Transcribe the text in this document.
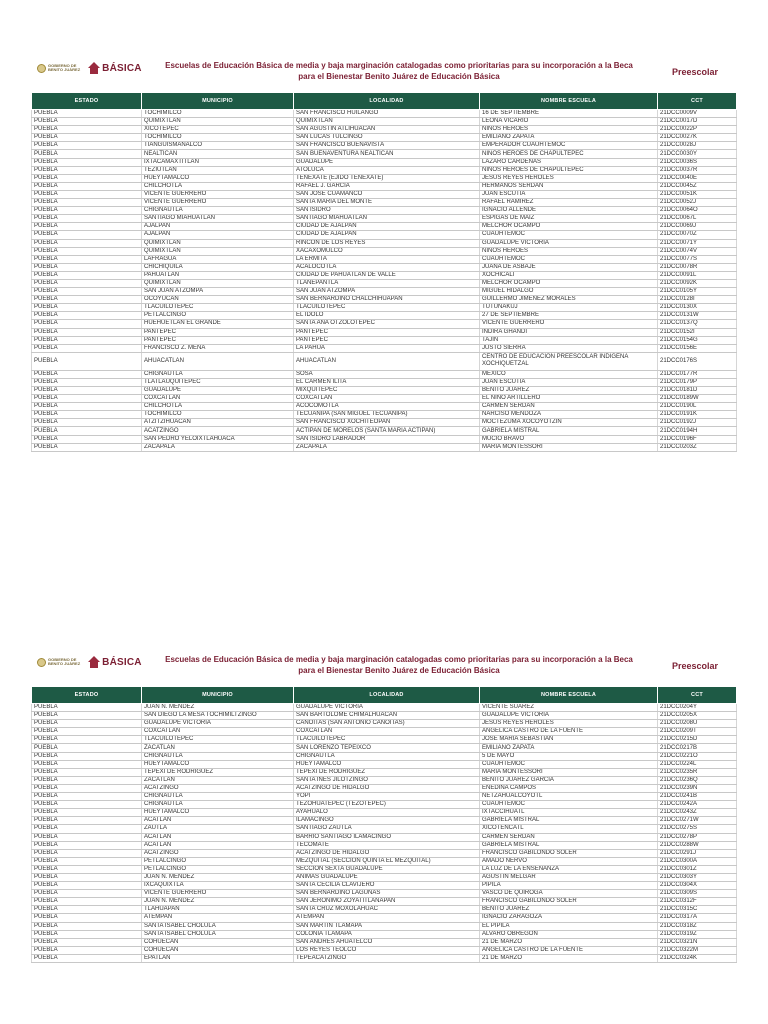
GOBIERNO DE
BENITO JUÁREZ BÁSICA	Escuelas de Educación Básica de media y baja marginación catalogadas como prioritarias para su incorporación a la Beca
para el Bienestar Benito Juárez de Educación Básica	Preescolar
ESTADO	MUNICIPIO	LOCALIDAD	NOMBRE ESCUELA	CCT
PUEBLA	TOCHIMILCO	SAN FRANCISCO HUILANGO	16 DE SEPTIEMBRE	21DCC0009V
PUEBLA	QUIMIXTLAN	QUIMIXTLAN	LEONA VICARIO	21DCC0017D
PUEBLA	XICOTEPEC	SAN AGUSTIN ATLIHUACAN	NINOS HEROES	21DCC0022P
PUEBLA	TOCHIMILCO	SAN LUCAS TULCINGO	EMILIANO ZAPATA	21DCC0027K
PUEBLA	TIANGUISMANALCO	SAN FRANCISCO BUENAVISTA	EMPERADOR CUAUHTEMOC	21DCC0028J
PUEBLA	NEALTICAN	SAN BUENAVENTURA NEALTICAN	NINOS HEROES DE CHAPULTEPEC	21DCC0030Y
PUEBLA	IXTACAMAXTITLAN	GUADALUPE	LAZARO CARDENAS	21DCC0036S
PUEBLA	TEZIUTLAN	ATOLUCA	NINOS HEROES DE CHAPULTEPEC	21DCC0037R
PUEBLA	HUEYTAMALCO	TENEXATE (EJIDO TENEXATE)	JESUS REYES HEROLES	21DCC0040E
PUEBLA	CHILCHOTLA	RAFAEL J. GARCIA	HERMANOS SERDAN	21DCC0045Z
PUEBLA	VICENTE GUERRERO	SAN JOSE CUAMANCO	JUAN ESCUTIA	21DCC0051K
PUEBLA	VICENTE GUERRERO	SANTA MARIA DEL MONTE	RAFAEL RAMIREZ	21DCC0052J
PUEBLA	CHIGNAUTLA	SAN ISIDRO	IGNACIO ALLENDE	21DCC0064O
PUEBLA	SANTIAGO MIAHUATLAN	SANTIAGO MIAHUATLAN	ESPIGAS DE MAIZ	21DCC0067L
PUEBLA	AJALPAN	CIUDAD DE AJALPAN	MELCHOR OCAMPO	21DCC0069J
PUEBLA	AJALPAN	CIUDAD DE AJALPAN	CUAUHTEMOC	21DCC0070Z
PUEBLA	QUIMIXTLAN	RINCON DE LOS REYES	GUADALUPE VICTORIA	21DCC0071Y
PUEBLA	QUIMIXTLAN	XACAXOMULCO	NINOS HEROES	21DCC0074V
PUEBLA	LAFRAGUA	LA ERMITA	CUAUHTEMOC	21DCC0077S
PUEBLA	CHICHIQUILA	ACALOCOTLA	JUANA DE ASBAJE	21DCC0078R
PUEBLA	PAHUATLAN	CIUDAD DE PAHUATLAN DE VALLE	XOCHICALI	21DCC0091L
PUEBLA	QUIMIXTLAN	TLANEPANTLA	MELCHOR OCAMPO	21DCC0092K
PUEBLA	SAN JUAN ATZOMPA	SAN JUAN ATZOMPA	MIGUEL HIDALGO	21DCC0105Y
PUEBLA	OCOYUCAN	SAN BERNARDINO CHALCHIHUAPAN	GUILLERMO JIMENEZ MORALES	21DCC0128I
PUEBLA	TLACUILOTEPEC	TLACUILOTEPEC	TUTUNAKUJ	21DCC0130X
PUEBLA	PETLALCINGO	EL IDOLO	27 DE SEPTIEMBRE	21DCC0131W
PUEBLA	HUEHUETLAN EL GRANDE	SANTA ANA OTZOLOTEPEC	VICENTE GUERRERO	21DCC0137Q
PUEBLA	PANTEPEC	PANTEPEC	INDIRA GHANDI	21DCC0152I
PUEBLA	PANTEPEC	PANTEPEC	TAJIN	21DCC0154G
PUEBLA	FRANCISCO Z. MENA	LA PAHUA	JUSTO SIERRA	21DCC0156E
PUEBLA	AHUACATLAN	AHUACATLAN	CENTRO DE EDUCACION PREESCOLAR INDIGENA XOCHIQUETZAL	21DCC0176S
PUEBLA	CHIGNAUTLA	SOSA	MEXICO	21DCC0177R
PUEBLA	TLATLAUQUITEPEC	EL CARMEN ILITA	JUAN ESCUTIA	21DCC0179P
PUEBLA	GUADALUPE	MIXQUITEPEC	BENITO JUAREZ	21DCC0181D
PUEBLA	COXCATLAN	COXCATLAN	EL NINO ARTILLERO	21DCC0189W
PUEBLA	CHILCHOTLA	ACOCOMOTLA	CARMEN SERDAN	21DCC0190L
PUEBLA	TOCHIMILCO	TECUANIPA (SAN MIGUEL TECUANIPA)	NARCISO MENDOZA	21DCC0191K
PUEBLA	ATZITZIHUACAN	SAN FRANCISCO XOCHITEOPAN	MOCTEZUMA XOCOYOTZIN	21DCC0192J
PUEBLA	ACATZINGO	ACTIPAN DE MORELOS (SANTA MARIA ACTIPAN)	GABRIELA MISTRAL	21DCC0194H
PUEBLA	SAN PEDRO YELOIXTLAHUACA	SAN ISIDRO LABRADOR	MUCIO BRAVO	21DCC0196F
PUEBLA	ZACAPALA	ZACAPALA	MARIA MONTESSORI	21DCC0203Z
GOBIERNO DE
BENITO JUÁREZ BÁSICA	Escuelas de Educación Básica de media y baja marginación catalogadas como prioritarias para su incorporación a la Beca
para el Bienestar Benito Juárez de Educación Básica	Preescolar
ESTADO	MUNICIPIO	LOCALIDAD	NOMBRE ESCUELA	CCT
PUEBLA	JUAN N. MENDEZ	GUADALUPE VICTORIA	VICENTE SUAREZ	21DCC0204Y
PUEBLA	SAN DIEGO LA MESA TOCHIMILTZINGO	SAN BARTOLOME CHIMALHUACAN	GUADALUPE VICTORIA	21DCC0205X
PUEBLA	GUADALUPE VICTORIA	CANOITAS (SAN ANTONIO CANOITAS)	JESUS REYES HEROLES	21DCC0208U
PUEBLA	COXCATLAN	COXCATLAN	ANGELICA CASTRO DE LA FUENTE	21DCC0209T
PUEBLA	TLACUILOTEPEC	TLACUILOTEPEC	JOSE MARIA SEBASTIAN	21DCC0215D
PUEBLA	ZACATLAN	SAN LORENZO TEPEIXCO	EMILIANO ZAPATA	21DCC0217B
PUEBLA	CHIGNAUTLA	CHIGNAUTLA	5 DE MAYO	21DCC0221O
PUEBLA	HUEYTAMALCO	HUEYTAMALCO	CUAUHTEMOC	21DCC0224L
PUEBLA	TEPEXI DE RODRIGUEZ	TEPEXI DE RODRIGUEZ	MARIA MONTESSORI	21DCC0235R
PUEBLA	ZACATLAN	SANTA INES JILOTZINGO	BENITO JUAREZ GARCIA	21DCC0236Q
PUEBLA	ACATZINGO	ACATZINGO DE HIDALGO	ENEDINA CAMPOS	21DCC0239N
PUEBLA	CHIGNAUTLA	YOPI	NETZAHUALCOYOTL	21DCC0241B
PUEBLA	CHIGNAUTLA	TEZOHUATEPEC (TEZOTEPEC)	CUAUHTEMOC	21DCC0242A
PUEBLA	HUEYTAMALCO	AYAHUALO	IXTACCIHUATL	21DCC0243Z
PUEBLA	ACATLAN	ILAMACINGO	GABRIELA MISTRAL	21DCC0271W
PUEBLA	ZAUTLA	SANTIAGO ZAUTLA	XICOTENCATL	21DCC0275S
PUEBLA	ACATLAN	BARRIO SANTIAGO ILAMACINGO	CARMEN SERDAN	21DCC0278P
PUEBLA	ACATLAN	TECOMATE	GABRIELA MISTRAL	21DCC0288W
PUEBLA	ACATZINGO	ACATZINGO DE HIDALGO	FRANCISCO GABILONDO SOLER	21DCC0291J
PUEBLA	PETLALCINGO	MEZQUITAL (SECCION QUINTA EL MEZQUITAL)	AMADO NERVO	21DCC0300A
PUEBLA	PETLALCINGO	SECCION SEXTA GUADALUPE	LA LUZ DE LA ENSENANZA	21DCC0301Z
PUEBLA	JUAN N. MENDEZ	ANIMAS GUADALUPE	AGUSTIN MELGAR	21DCC0303Y
PUEBLA	IXCAQUIXTLA	SANTA CECILIA CLAVIJERO	PIPILA	21DCC0304X
PUEBLA	VICENTE GUERRERO	SAN BERNARDINO LAGUNAS	VASCO DE QUIROGA	21DCC0309S
PUEBLA	JUAN N. MENDEZ	SAN JERONIMO ZOYATITLANAPAN	FRANCISCO GABILONDO SOLER	21DCC0312F
PUEBLA	TLAHUAPAN	SANTA CRUZ MOXOLAHUAC	BENITO JUAREZ	21DCC0315C
PUEBLA	ATEMPAN	ATEMPAN	IGNACIO ZARAGOZA	21DCC0317A
PUEBLA	SANTA ISABEL CHOLULA	SAN MARTIN TLAMAPA	EL PIPILA	21DCC0318Z
PUEBLA	SANTA ISABEL CHOLULA	COLONIA TLAMAPA	ALVARO OBREGON	21DCC0319Z
PUEBLA	COHUECAN	SAN ANDRES AHUATELCO	21 DE MARZO	21DCC0321N
PUEBLA	COHUECAN	LOS REYES TEOLCO	ANGELICA CASTRO DE LA FUENTE	21DCC0322M
PUEBLA	EPATLAN	TEPEACATZINGO	21 DE MARZO	21DCC0324K
